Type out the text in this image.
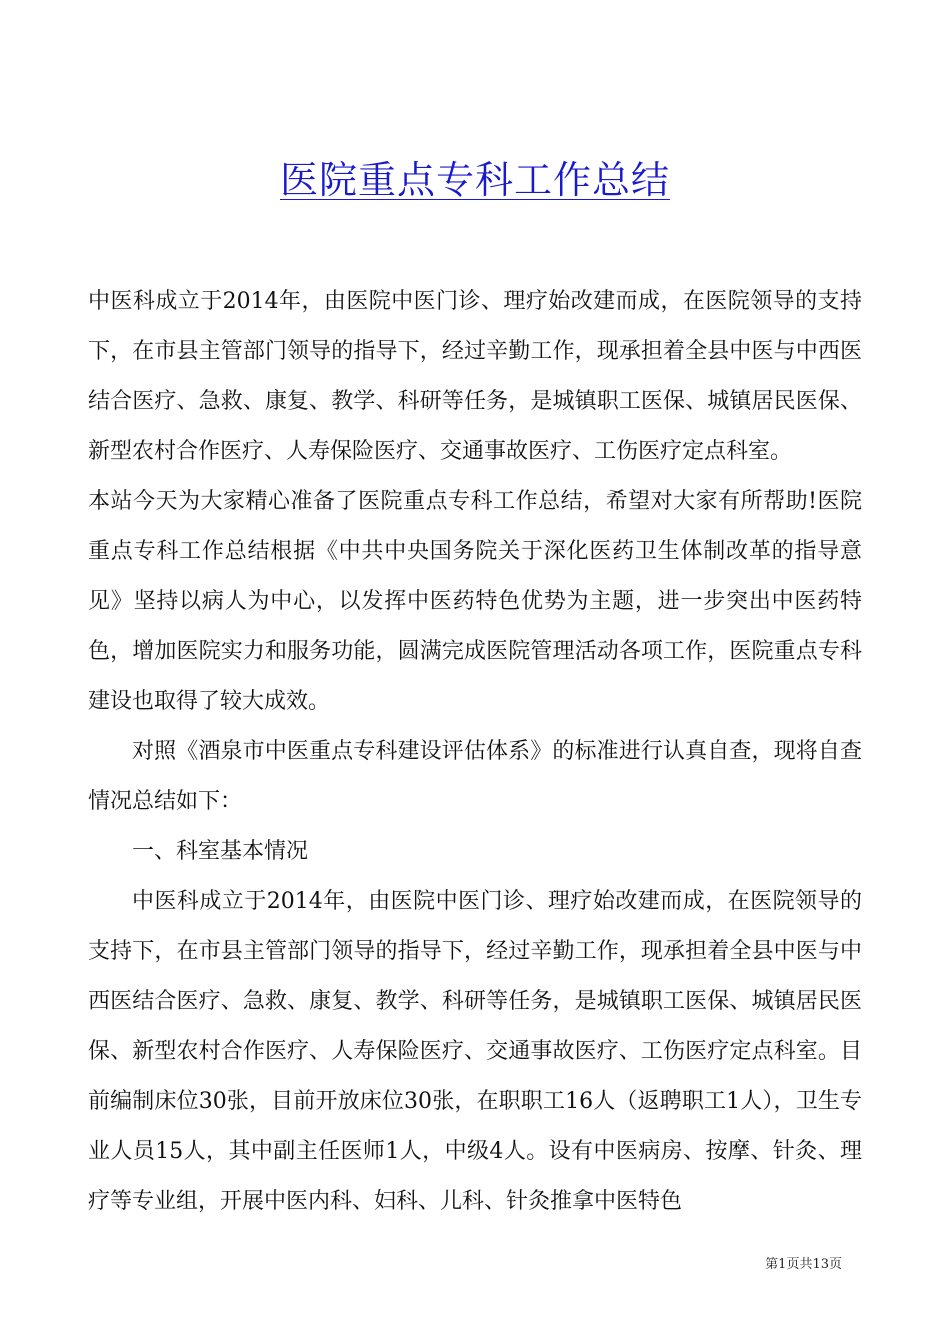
医院重点专科工作总结

中医科成立于2014年，由医院中医门诊、理疗始改建而成，在医院领导的支持下，在市县主管部门领导的指导下，经过辛勤工作，现承担着全县中医与中西医结合医疗、急救、康复、教学、科研等任务，是城镇职工医保、城镇居民医保、新型农村合作医疗、人寿保险医疗、交通事故医疗、工伤医疗定点科室。

本站今天为大家精心准备了医院重点专科工作总结，希望对大家有所帮助!医院重点专科工作总结根据《中共中央国务院关于深化医药卫生体制改革的指导意见》坚持以病人为中心，以发挥中医药特色优势为主题，进一步突出中医药特色，增加医院实力和服务功能，圆满完成医院管理活动各项工作，医院重点专科建设也取得了较大成效。

对照《酒泉市中医重点专科建设评估体系》的标准进行认真自查，现将自查情况总结如下：

一、科室基本情况

中医科成立于2014年，由医院中医门诊、理疗始改建而成，在医院领导的支持下，在市县主管部门领导的指导下，经过辛勤工作，现承担着全县中医与中西医结合医疗、急救、康复、教学、科研等任务，是城镇职工医保、城镇居民医保、新型农村合作医疗、人寿保险医疗、交通事故医疗、工伤医疗定点科室。目前编制床位30张，目前开放床位30张，在职职工16人（返聘职工1人），卫生专业人员15人，其中副主任医师1人，中级4人。设有中医病房、按摩、针灸、理疗等专业组，开展中医内科、妇科、儿科、针灸推拿中医特色

第1页共13页
